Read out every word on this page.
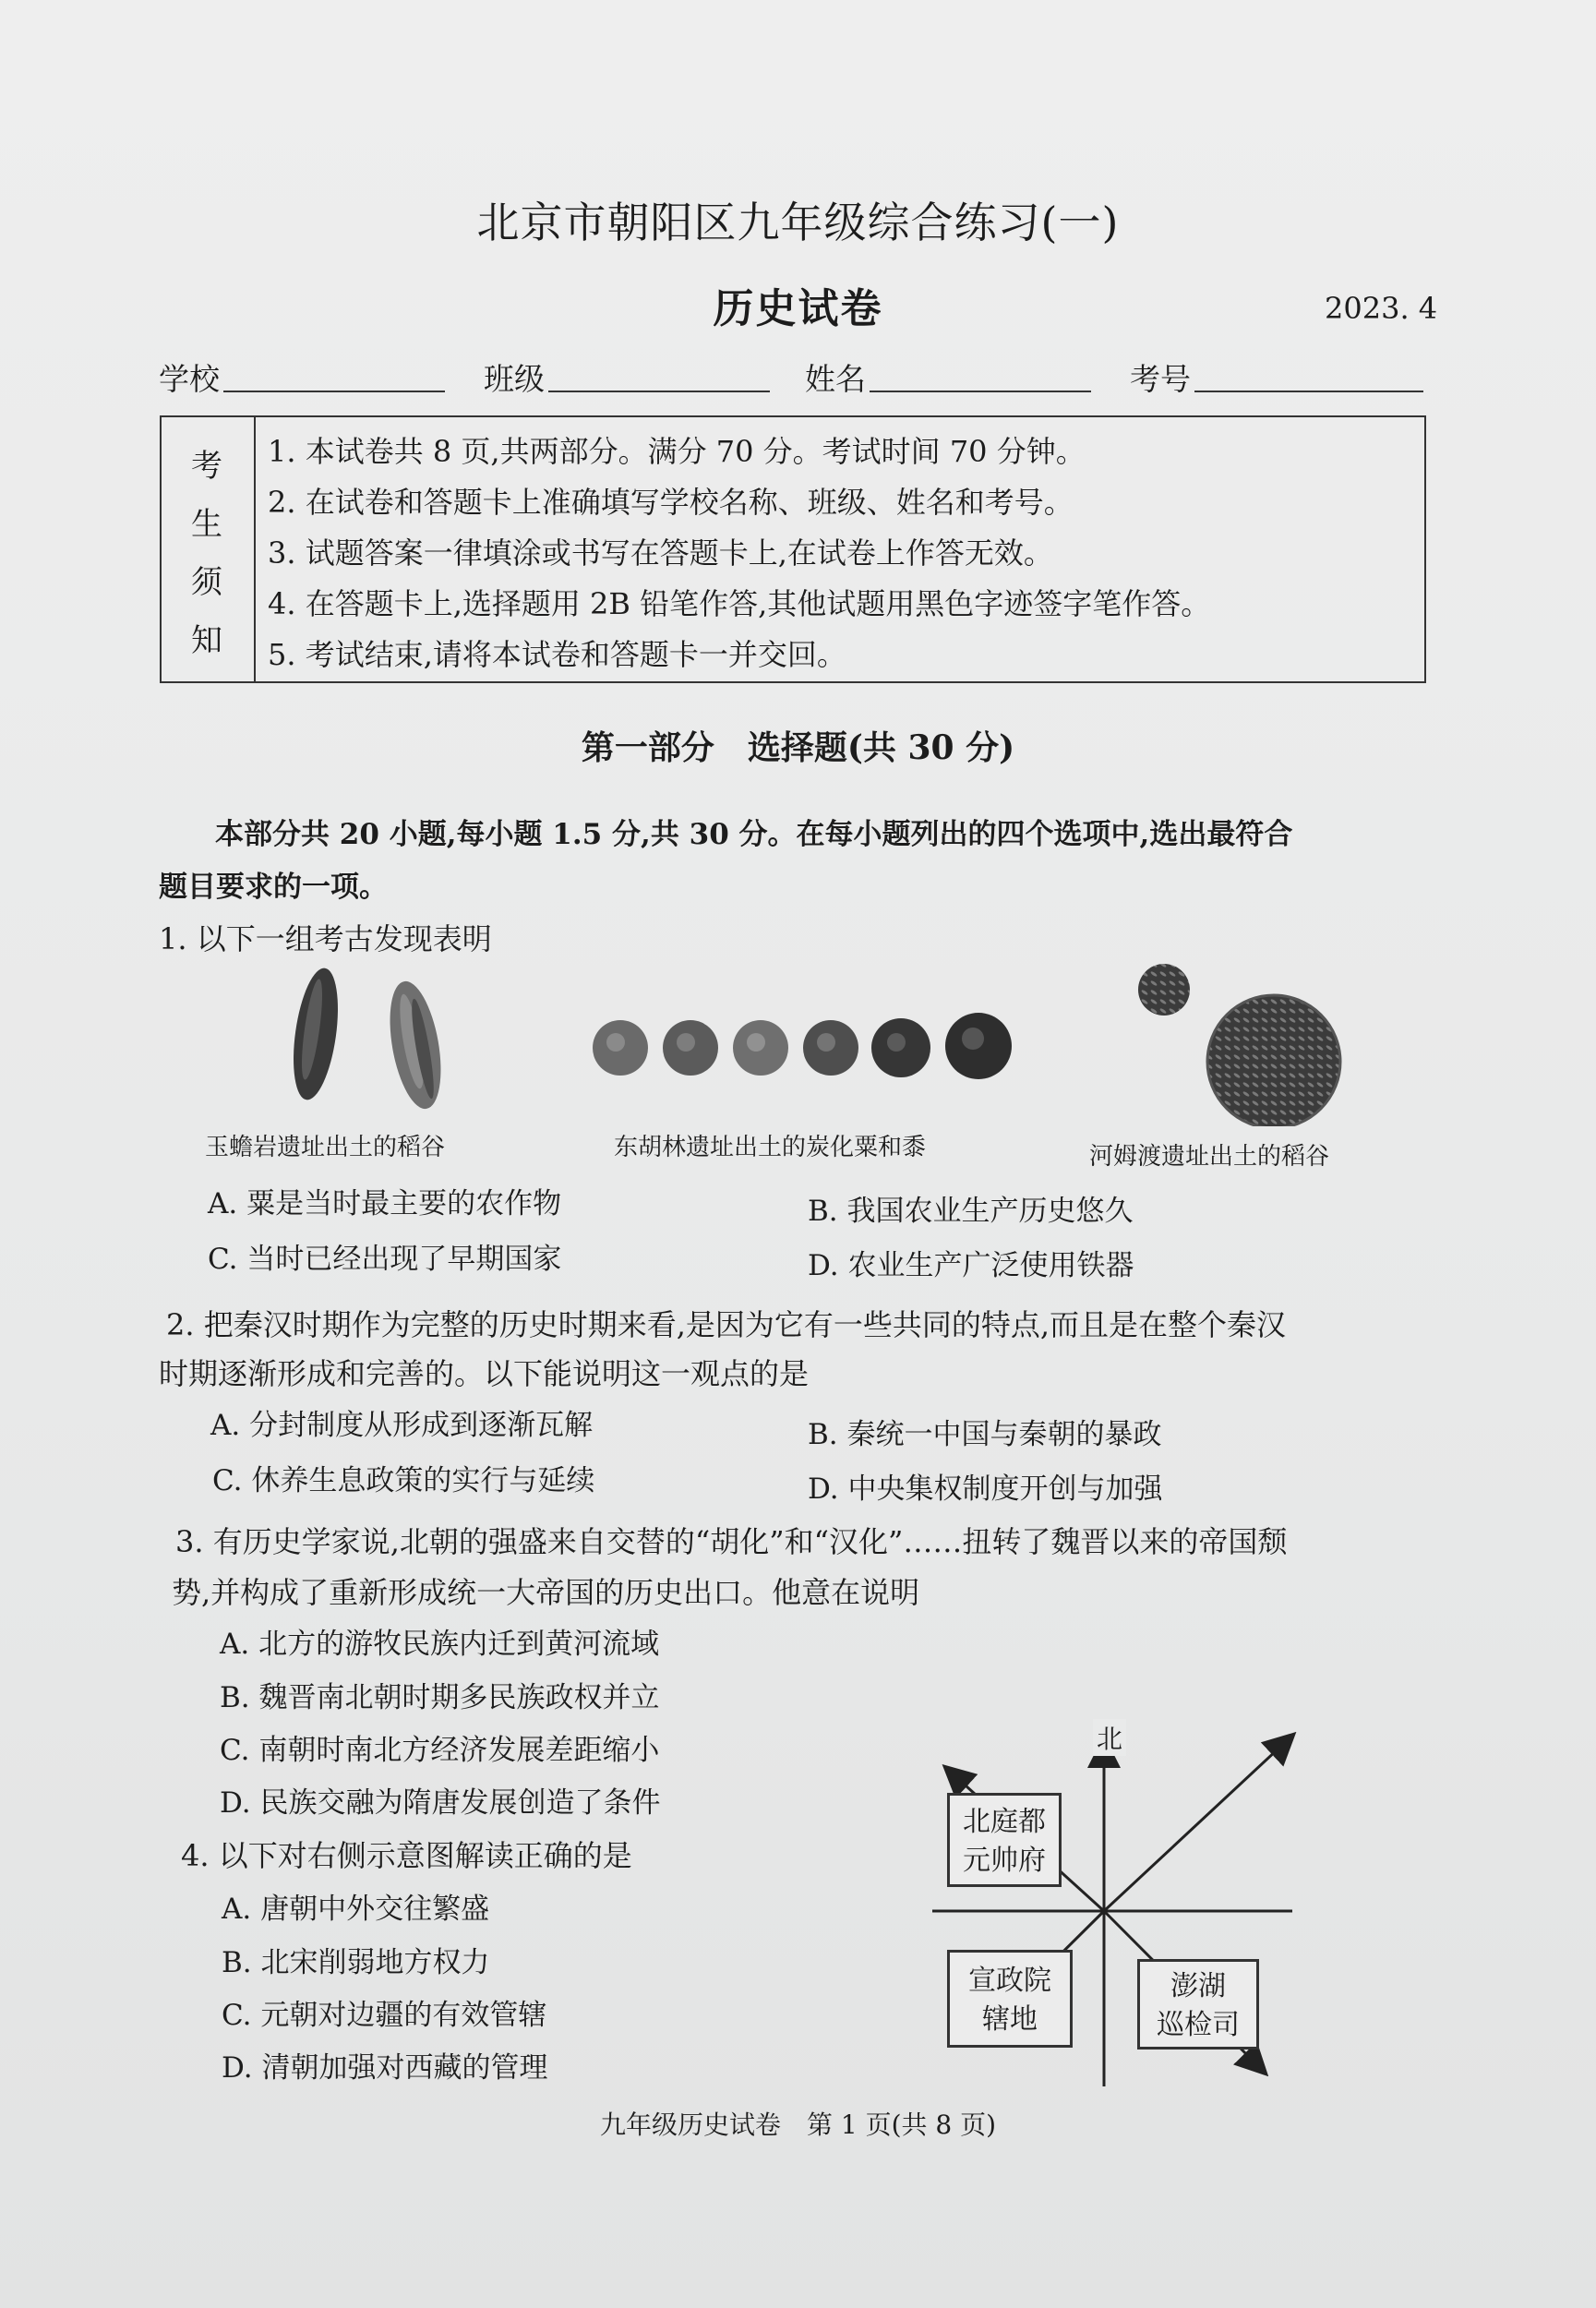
北京市朝阳区九年级综合练习(一)
历史试卷	2023. 4
学校	班级	姓名	考号
考
生
须
知
1. 本试卷共 8 页,共两部分。满分 70 分。考试时间 70 分钟。
2. 在试卷和答题卡上准确填写学校名称、班级、姓名和考号。
3. 试题答案一律填涂或书写在答题卡上,在试卷上作答无效。
4. 在答题卡上,选择题用 2B 铅笔作答,其他试题用黑色字迹签字笔作答。
5. 考试结束,请将本试卷和答题卡一并交回。
第一部分　选择题(共 30 分)
本部分共 20 小题,每小题 1.5 分,共 30 分。在每小题列出的四个选项中,选出最符合
题目要求的一项。
1. 以下一组考古发现表明
玉蟾岩遗址出土的稻谷	东胡林遗址出土的炭化粟和黍	河姆渡遗址出土的稻谷
A. 粟是当时最主要的农作物	B. 我国农业生产历史悠久
C. 当时已经出现了早期国家	D. 农业生产广泛使用铁器
2. 把秦汉时期作为完整的历史时期来看,是因为它有一些共同的特点,而且是在整个秦汉
时期逐渐形成和完善的。以下能说明这一观点的是
A. 分封制度从形成到逐渐瓦解	B. 秦统一中国与秦朝的暴政
C. 休养生息政策的实行与延续	D. 中央集权制度开创与加强
3. 有历史学家说,北朝的强盛来自交替的“胡化”和“汉化”……扭转了魏晋以来的帝国颓
势,并构成了重新形成统一大帝国的历史出口。他意在说明
A. 北方的游牧民族内迁到黄河流域
B. 魏晋南北朝时期多民族政权并立
C. 南朝时南北方经济发展差距缩小
D. 民族交融为隋唐发展创造了条件
4. 以下对右侧示意图解读正确的是
A. 唐朝中外交往繁盛
B. 北宋削弱地方权力
C. 元朝对边疆的有效管辖
D. 清朝加强对西藏的管理
北
北庭都
元帅府
宣政院
辖地
澎湖
巡检司
九年级历史试卷　第 1 页(共 8 页)
